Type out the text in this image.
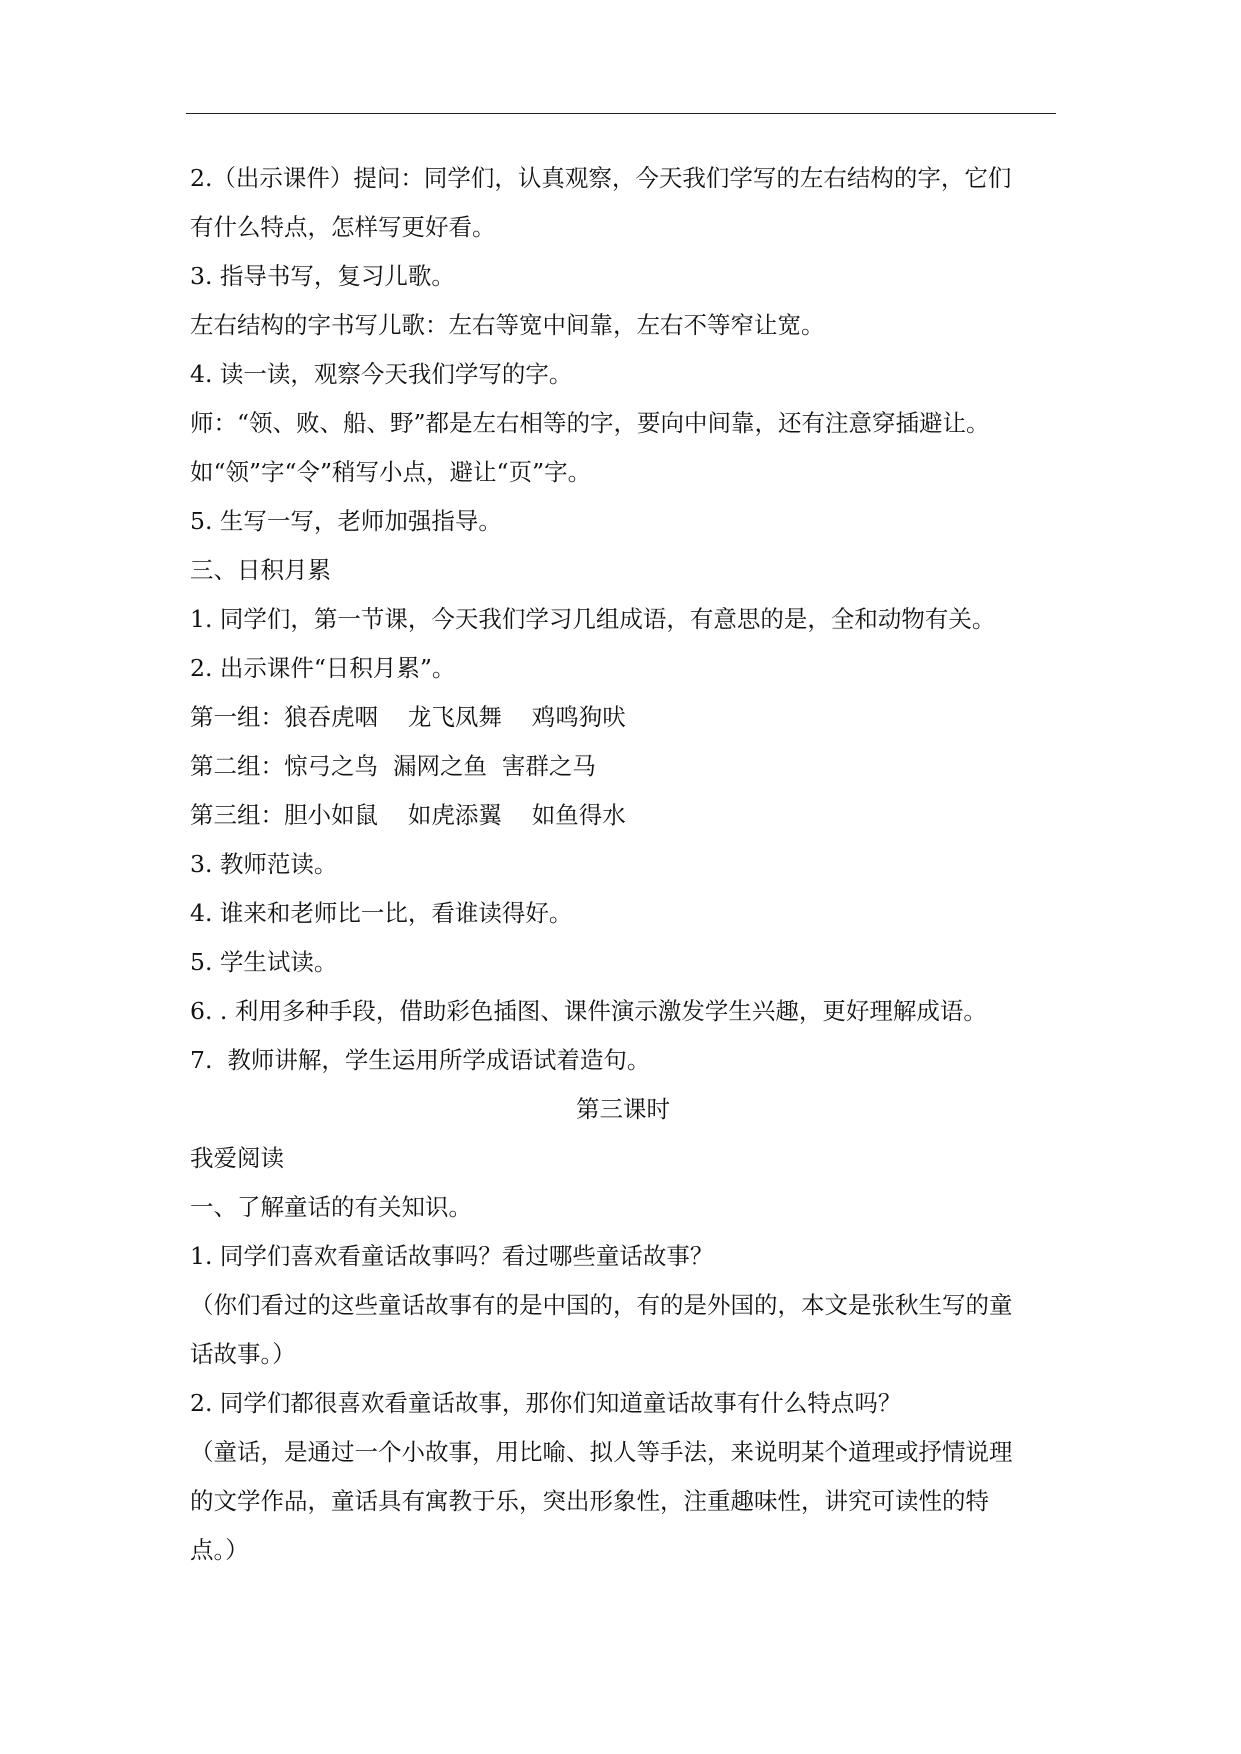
2.（出示课件）提问：同学们，认真观察，今天我们学写的左右结构的字，它们
有什么特点，怎样写更好看。
3. 指导书写，复习儿歌。
左右结构的字书写儿歌：左右等宽中间靠，左右不等窄让宽。
4. 读一读，观察今天我们学写的字。
师：“领、败、船、野”都是左右相等的字，要向中间靠，还有注意穿插避让。
如“领”字“令”稍写小点，避让“页”字。
5. 生写一写，老师加强指导。
三、日积月累
1. 同学们，第一节课，今天我们学习几组成语，有意思的是，全和动物有关。
2. 出示课件“日积月累”。
第一组：狼吞虎咽    龙飞凤舞    鸡鸣狗吠
第二组：惊弓之鸟  漏网之鱼  害群之马
第三组：胆小如鼠    如虎添翼    如鱼得水
3. 教师范读。
4. 谁来和老师比一比，看谁读得好。
5. 学生试读。
6. . 利用多种手段，借助彩色插图、课件演示激发学生兴趣，更好理解成语。
7.  教师讲解，学生运用所学成语试着造句。
第三课时
我爱阅读
一、了解童话的有关知识。
1. 同学们喜欢看童话故事吗？看过哪些童话故事？
（你们看过的这些童话故事有的是中国的，有的是外国的，本文是张秋生写的童
话故事。）
2. 同学们都很喜欢看童话故事，那你们知道童话故事有什么特点吗？
（童话，是通过一个小故事，用比喻、拟人等手法，来说明某个道理或抒情说理
的文学作品，童话具有寓教于乐，突出形象性，注重趣味性，讲究可读性的特
点。）
